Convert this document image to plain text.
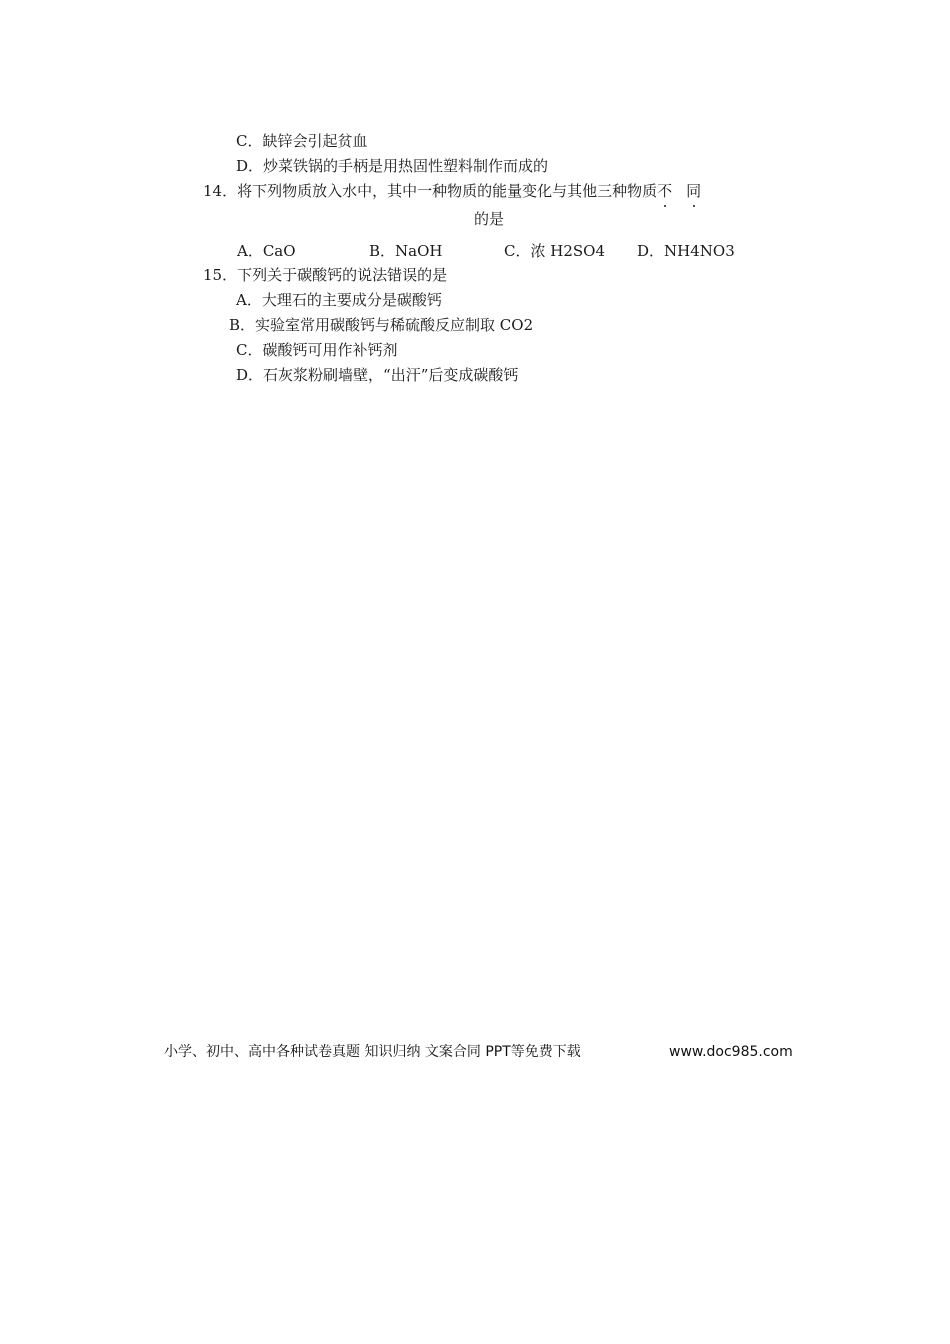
C．缺锌会引起贫血
D．炒菜铁锅的手柄是用热固性塑料制作而成的
14．将下列物质放入水中，其中一种物质的能量变化与其他三种物质不 同
的是
A．CaO	B．NaOH	C．浓 H2SO4 D．NH4NO3
15．下列关于碳酸钙的说法错误的是
A．大理石的主要成分是碳酸钙
B．实验室常用碳酸钙与稀硫酸反应制取 CO2
C．碳酸钙可用作补钙剂
D．石灰浆粉刷墙壁，“出汗”后变成碳酸钙
小学、初中、高中各种试卷真题 知识归纳 文案合同 PPT等免费下载	www.doc985.com
